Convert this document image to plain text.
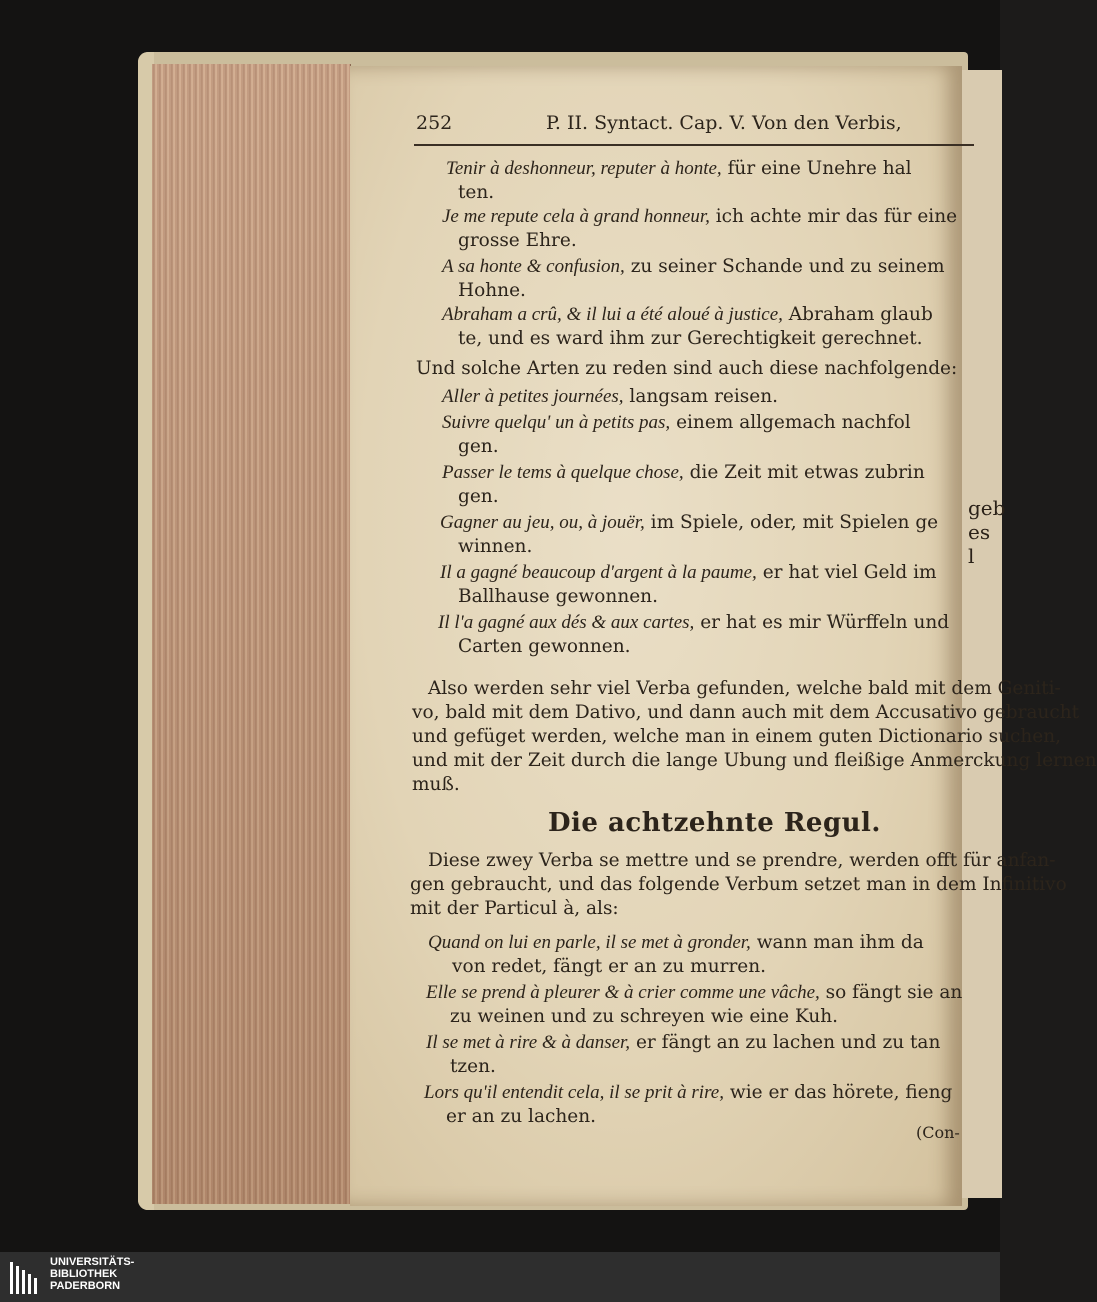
geb
es l
252	P. II. Syntact. Cap. V. Von den Verbis,
Tenir à deshonneur, reputer à honte, für eine Unehre hal
ten.
Je me repute cela à grand honneur, ich achte mir das für eine
grosse Ehre.
A sa honte & confusion, zu seiner Schande und zu seinem
Hohne.
Abraham a crû, & il lui a été aloué à justice, Abraham glaub
te, und es ward ihm zur Gerechtigkeit gerechnet.
Und solche Arten zu reden sind auch diese nachfolgende:
Aller à petites journées, langsam reisen.
Suivre quelqu' un à petits pas, einem allgemach nachfol
gen.
Passer le tems à quelque chose, die Zeit mit etwas zubrin
gen.
Gagner au jeu, ou, à jouër, im Spiele, oder, mit Spielen ge
winnen.
Il a gagné beaucoup d'argent à la paume, er hat viel Geld im
Ballhause gewonnen.
Il l'a gagné aux dés & aux cartes, er hat es mir Würffeln und
Carten gewonnen.
Also werden sehr viel Verba gefunden, welche bald mit dem Geniti-
vo, bald mit dem Dativo, und dann auch mit dem Accusativo gebraucht
und gefüget werden, welche man in einem guten Dictionario suchen,
und mit der Zeit durch die lange Ubung und fleißige Anmerckung lernen
muß.
Die achtzehnte Regul.
Diese zwey Verba se mettre und se prendre, werden offt für anfan-
gen gebraucht, und das folgende Verbum setzet man in dem Infinitivo
mit der Particul à, als:
Quand on lui en parle, il se met à gronder, wann man ihm da
von redet, fängt er an zu murren.
Elle se prend à pleurer & à crier comme une vâche, so fängt sie an
zu weinen und zu schreyen wie eine Kuh.
Il se met à rire & à danser, er fängt an zu lachen und zu tan
tzen.
Lors qu'il entendit cela, il se prit à rire, wie er das hörete, fieng
er an zu lachen.
(Con-
UNIVERSITÄTS-
BIBLIOTHEK
PADERBORN
